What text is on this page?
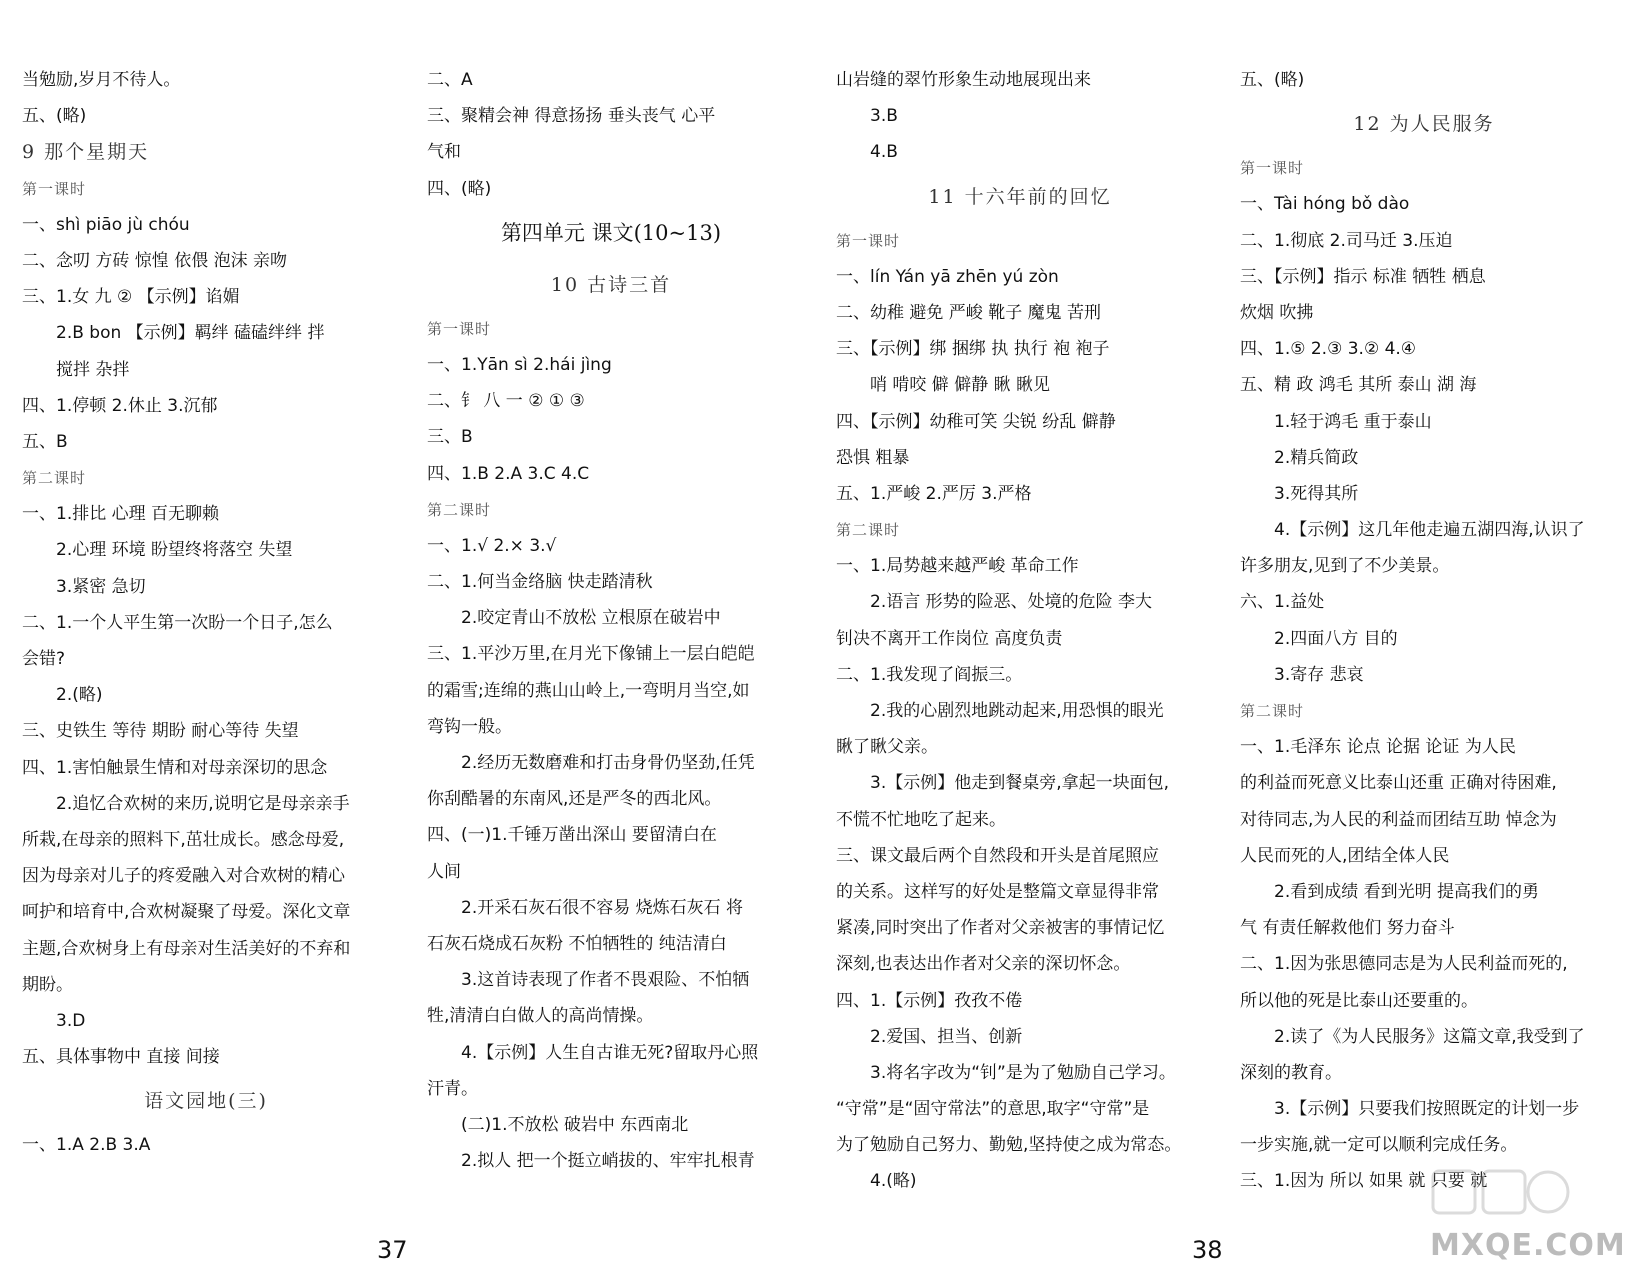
当勉励,岁月不待人。
五、(略)
9 那个星期天
第一课时
一、shì piāo jù chóu
二、念叨 方砖 惊惶 依偎 泡沫 亲吻
三、1.女 九 ② 【示例】谄媚
2.B bon 【示例】羁绊 磕磕绊绊 拌
搅拌 杂拌
四、1.停顿 2.休止 3.沉郁
五、B
第二课时
一、1.排比 心理 百无聊赖
2.心理 环境 盼望终将落空 失望
3.紧密 急切
二、1.一个人平生第一次盼一个日子,怎么
会错?
2.(略)
三、史铁生 等待 期盼 耐心等待 失望
四、1.害怕触景生情和对母亲深切的思念
2.追忆合欢树的来历,说明它是母亲亲手
所栽,在母亲的照料下,茁壮成长。感念母爱,
因为母亲对儿子的疼爱融入对合欢树的精心
呵护和培育中,合欢树凝聚了母爱。深化文章
主题,合欢树身上有母亲对生活美好的不弃和
期盼。
3.D
五、具体事物中 直接 间接
语文园地(三)
一、1.A 2.B 3.A
二、A
三、聚精会神 得意扬扬 垂头丧气 心平
气和
四、(略)
第四单元 课文(10~13)
10 古诗三首
第一课时
一、1.Yān sì 2.hái jìng
二、钅 八 一 ② ① ③
三、B
四、1.B 2.A 3.C 4.C
第二课时
一、1.√ 2.× 3.√
二、1.何当金络脑 快走踏清秋
2.咬定青山不放松 立根原在破岩中
三、1.平沙万里,在月光下像铺上一层白皑皑
的霜雪;连绵的燕山山岭上,一弯明月当空,如
弯钩一般。
2.经历无数磨难和打击身骨仍坚劲,任凭
你刮酷暑的东南风,还是严冬的西北风。
四、(一)1.千锤万凿出深山 要留清白在
人间
2.开采石灰石很不容易 烧炼石灰石 将
石灰石烧成石灰粉 不怕牺牲的 纯洁清白
3.这首诗表现了作者不畏艰险、不怕牺
牲,清清白白做人的高尚情操。
4.【示例】人生自古谁无死?留取丹心照
汗青。
(二)1.不放松 破岩中 东西南北
2.拟人 把一个挺立峭拔的、牢牢扎根青
山岩缝的翠竹形象生动地展现出来
3.B
4.B
11 十六年前的回忆
第一课时
一、lín Yán yā zhēn yú zòn
二、幼稚 避免 严峻 靴子 魔鬼 苦刑
三、【示例】绑 捆绑 执 执行 袍 袍子
哨 啃咬 僻 僻静 瞅 瞅见
四、【示例】幼稚可笑 尖锐 纷乱 僻静
恐惧 粗暴
五、1.严峻 2.严厉 3.严格
第二课时
一、1.局势越来越严峻 革命工作
2.语言 形势的险恶、处境的危险 李大
钊决不离开工作岗位 高度负责
二、1.我发现了阎振三。
2.我的心剧烈地跳动起来,用恐惧的眼光
瞅了瞅父亲。
3.【示例】他走到餐桌旁,拿起一块面包,
不慌不忙地吃了起来。
三、课文最后两个自然段和开头是首尾照应
的关系。这样写的好处是整篇文章显得非常
紧凑,同时突出了作者对父亲被害的事情记忆
深刻,也表达出作者对父亲的深切怀念。
四、1.【示例】孜孜不倦
2.爱国、担当、创新
3.将名字改为“钊”是为了勉励自己学习。
“守常”是“固守常法”的意思,取字“守常”是
为了勉励自己努力、勤勉,坚持使之成为常态。
4.(略)
五、(略)
12 为人民服务
第一课时
一、Tài hóng bǒ dào
二、1.彻底 2.司马迁 3.压迫
三、【示例】指示 标准 牺牲 栖息
炊烟 吹拂
四、1.⑤ 2.③ 3.② 4.④
五、精 政 鸿毛 其所 泰山 湖 海
1.轻于鸿毛 重于泰山
2.精兵简政
3.死得其所
4.【示例】这几年他走遍五湖四海,认识了
许多朋友,见到了不少美景。
六、1.益处
2.四面八方 目的
3.寄存 悲哀
第二课时
一、1.毛泽东 论点 论据 论证 为人民
的利益而死意义比泰山还重 正确对待困难,
对待同志,为人民的利益而团结互助 悼念为
人民而死的人,团结全体人民
2.看到成绩 看到光明 提高我们的勇
气 有责任解救他们 努力奋斗
二、1.因为张思德同志是为人民利益而死的,
所以他的死是比泰山还要重的。
2.读了《为人民服务》这篇文章,我受到了
深刻的教育。
3.【示例】只要我们按照既定的计划一步
一步实施,就一定可以顺利完成任务。
三、1.因为 所以 如果 就 只要 就
37	38	MXQE.COM
